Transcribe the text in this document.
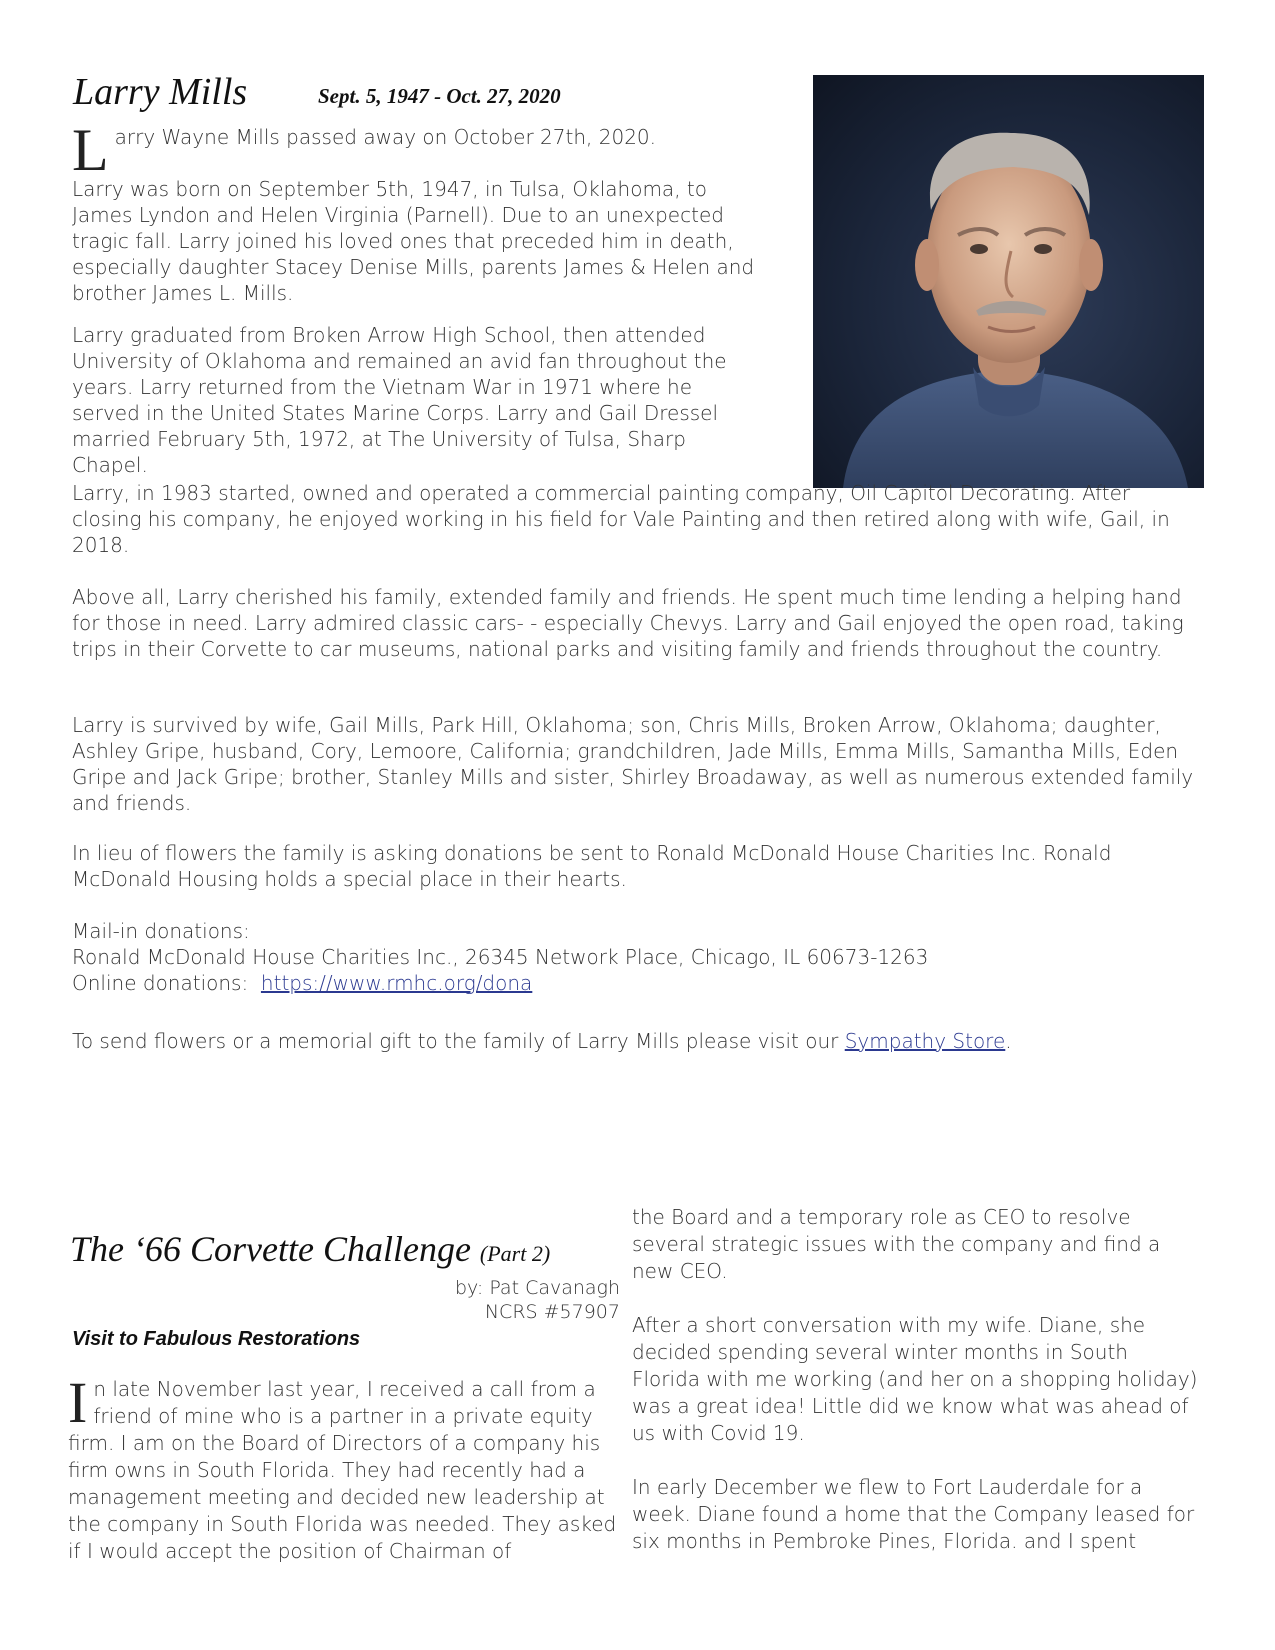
Larry Mills	Sept. 5, 1947 - Oct. 27, 2020
L arry Wayne Mills passed away on October 27th, 2020.

Larry was born on September 5th, 1947, in Tulsa, Oklahoma, to James Lyndon and Helen Virginia (Parnell). Due to an unexpected tragic fall. Larry joined his loved ones that preceded him in death, especially daughter Stacey Denise Mills, parents James & Helen and brother James L. Mills.

Larry graduated from Broken Arrow High School, then attended University of Oklahoma and remained an avid fan throughout the years. Larry returned from the Vietnam War in 1971 where he served in the United States Marine Corps. Larry and Gail Dressel married February 5th, 1972, at The University of Tulsa, Sharp Chapel.

Larry, in 1983 started, owned and operated a commercial painting company, Oil Capitol Decorating. After closing his company, he enjoyed working in his field for Vale Painting and then retired along with wife, Gail, in 2018.

Above all, Larry cherished his family, extended family and friends. He spent much time lending a helping hand for those in need. Larry admired classic cars- - especially Chevys. Larry and Gail enjoyed the open road, taking trips in their Corvette to car museums, national parks and visiting family and friends throughout the country.

Larry is survived by wife, Gail Mills, Park Hill, Oklahoma; son, Chris Mills, Broken Arrow, Oklahoma; daughter, Ashley Gripe, husband, Cory, Lemoore, California; grandchildren, Jade Mills, Emma Mills, Samantha Mills, Eden Gripe and Jack Gripe; brother, Stanley Mills and sister, Shirley Broadaway, as well as numerous extended family and friends.

In lieu of flowers the family is asking donations be sent to Ronald McDonald House Charities Inc. Ronald McDonald Housing holds a special place in their hearts.

Mail-in donations:
Ronald McDonald House Charities Inc., 26345 Network Place, Chicago, IL 60673-1263
Online donations: https://www.rmhc.org/dona
To send flowers or a memorial gift to the family of Larry Mills please visit our Sympathy Store.
The ‘66 Corvette Challenge (Part 2)
by: Pat Cavanagh
NCRS #57907
Visit to Fabulous Restorations
In late November last year, I received a call from a friend of mine who is a partner in a private equity firm. I am on the Board of Directors of a company his firm owns in South Florida. They had recently had a management meeting and decided new leadership at the company in South Florida was needed. They asked if I would accept the position of Chairman of

the Board and a temporary role as CEO to resolve several strategic issues with the company and find a new CEO.

After a short conversation with my wife. Diane, she decided spending several winter months in South Florida with me working (and her on a shopping holiday) was a great idea! Little did we know what was ahead of us with Covid 19.

In early December we flew to Fort Lauderdale for a week. Diane found a home that the Company leased for six months in Pembroke Pines, Florida. and I spent
